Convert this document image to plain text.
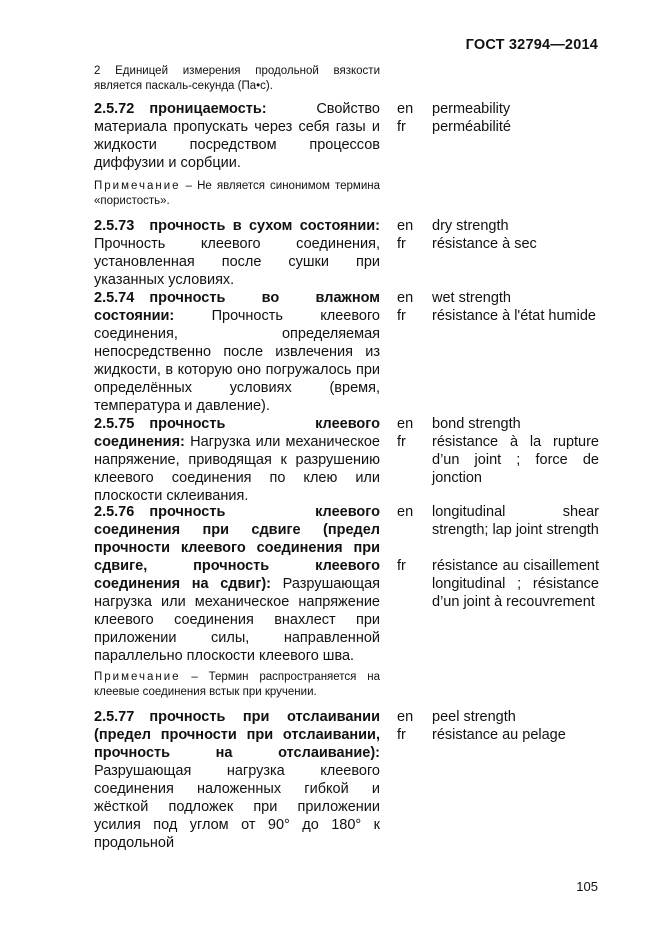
ГОСТ 32794—2014
2 Единицей измерения продольной вязкости является паскаль-секунда (Па•с).
2.5.72 проницаемость: Свойство материала пропускать через себя газы и жидкости посредством процессов диффузии и сорбции.
en
fr
permeability
perméabilité
Примечание – Не является синонимом термина «пористость».
2.5.73 прочность в сухом состоянии: Прочность клеевого соединения, установленная после сушки при указанных условиях.
en
fr
dry strength
résistance à sec
2.5.74 прочность во влажном состоянии: Прочность клеевого соединения, определяемая непосредственно после извлечения из жидкости, в которую оно погружалось при определённых условиях (время, температура и давление).
en
fr
wet strength
résistance à l'état humide
2.5.75 прочность клеевого соединения: Нагрузка или механическое напряжение, приводящая к разрушению клеевого соединения по клею или плоскости склеивания.
en
fr
bond strength
résistance à la rupture d’un joint ; force de jonction
2.5.76 прочность клеевого соединения при сдвиге (предел прочности клеевого соединения при сдвиге, прочность клеевого соединения на сдвиг): Разрушающая нагрузка или механическое напряжение клеевого соединения внахлест при приложении силы, направленной параллельно плоскости клеевого шва.
en
fr
longitudinal shear strength; lap joint strength
résistance au cisaillement longitudinal ; résistance d’un joint à recouvrement
Примечание – Термин распространяется на клеевые соединения встык при кручении.
2.5.77 прочность при отслаивании (предел прочности при отслаивании, прочность на отслаивание): Разрушающая нагрузка клеевого соединения наложенных гибкой и жёсткой подложек при приложении усилия под углом от 90° до 180° к продольной
en
fr
peel strength
résistance au pelage
105
